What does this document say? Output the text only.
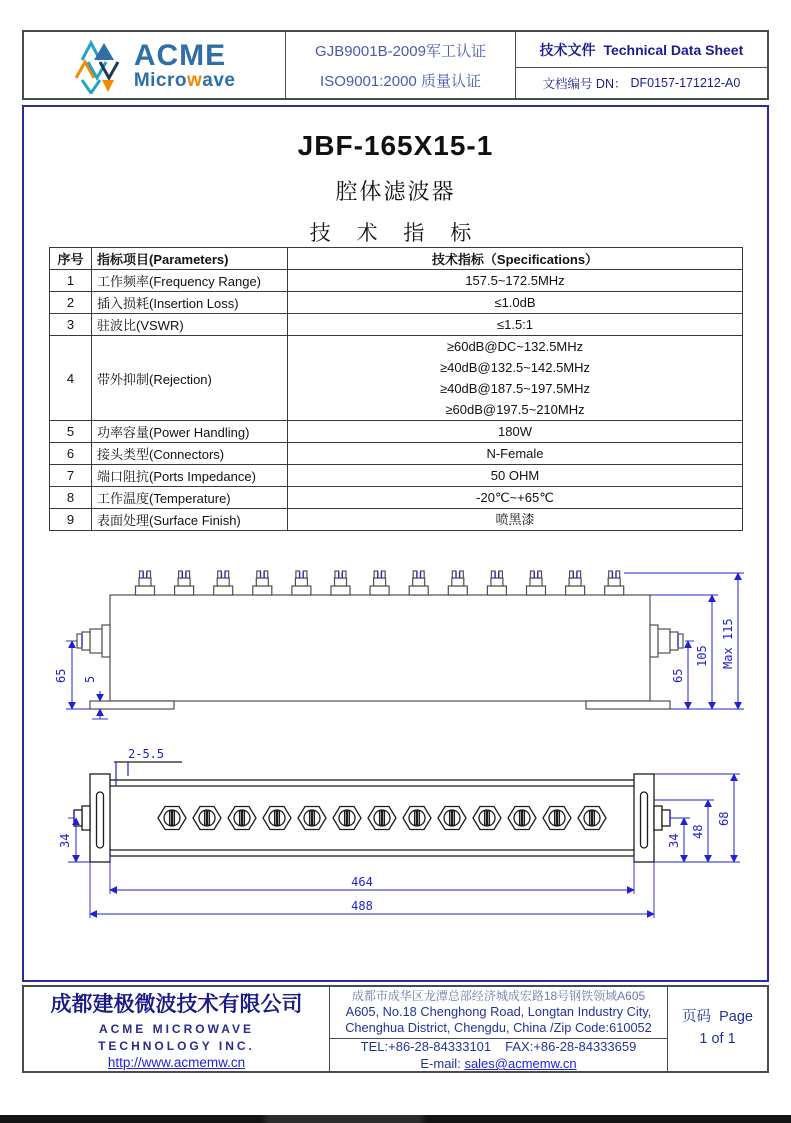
ACME
Microwave
GJB9001B-2009军工认证
ISO9001:2000 质量认证
技术文件 Technical Data Sheet
文档编号 DN： DF0157-171212-A0
JBF-165X15-1
腔体滤波器
技 术 指 标
序号	指标项目(Parameters)	技术指标（Specifications）
1	工作频率(Frequency Range)	157.5~172.5MHz

2	插入损耗(Insertion Loss)	≤1.0dB

3	驻波比(VSWR)	≤1.5:1

4	带外抑制(Rejection)	≥60dB@DC~132.5MHz
≥40dB@132.5~142.5MHz
≥40dB@187.5~197.5MHz
≥60dB@197.5~210MHz

5	功率容量(Power Handling)	180W

6	接头类型(Connectors)	N-Female

7	端口阻抗(Ports Impedance)	50 OHM

8	工作温度(Temperature)	-20℃~+65℃

9	表面处理(Surface Finish)	喷黑漆
65 5	65
105 Max 115
2-5.5
34	34
48
68
464
488
成都建极微波技术有限公司
ACME MICROWAVE
TECHNOLOGY INC.
http://www.acmemw.cn
成都市成华区龙潭总部经济城成宏路18号钢铁领域A605
A605, No.18 Chenghong Road, Longtan Industry City,
Chenghua District, Chengdu, China /Zip Code:610052
TEL:+86-28-84333101 FAX:+86-28-84333659
E-mail: sales@acmemw.cn
页码 Page
1 of 1
